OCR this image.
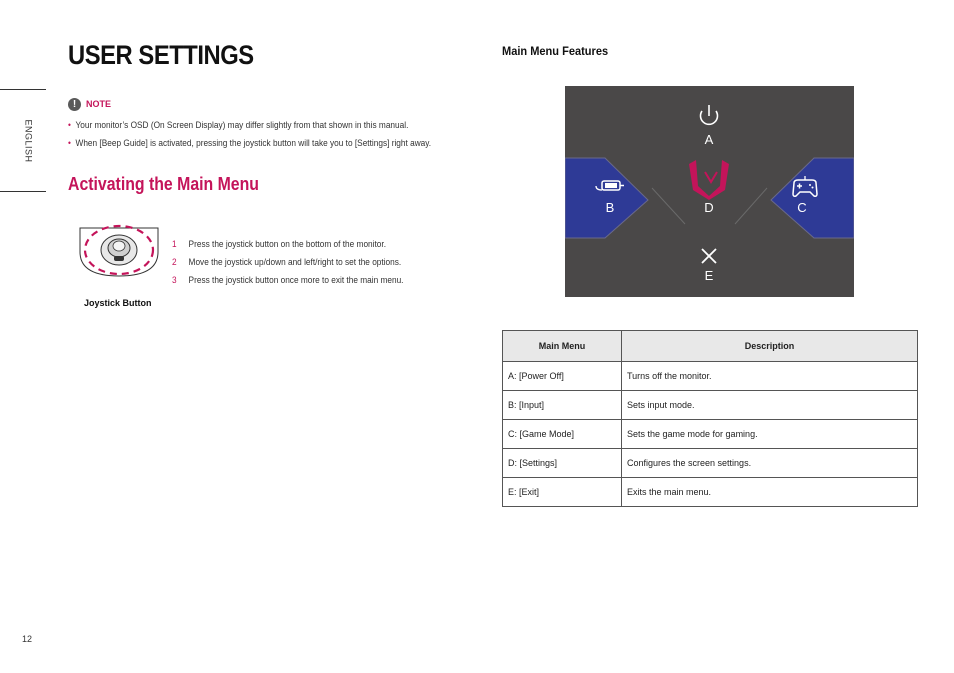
ENGLISH
USER SETTINGS
!	NOTE
• Your monitor’s OSD (On Screen Display) may differ slightly from that shown in this manual.
• When [Beep Guide] is activated, pressing the joystick button will take you to [Settings] right away.
Activating the Main Menu
1	Press the joystick button on the bottom of the monitor.
2	Move the joystick up/down and left/right to set the options.
3	Press the joystick button once more to exit the main menu.
Joystick Button
Main Menu Features
A
D
B	C
E
Main Menu	Description
A: [Power Off]	Turns off the monitor.
B: [Input]	Sets input mode.
C: [Game Mode]	Sets the game mode for gaming.
D: [Settings]	Configures the screen settings.
E: [Exit]	Exits the main menu.
12
